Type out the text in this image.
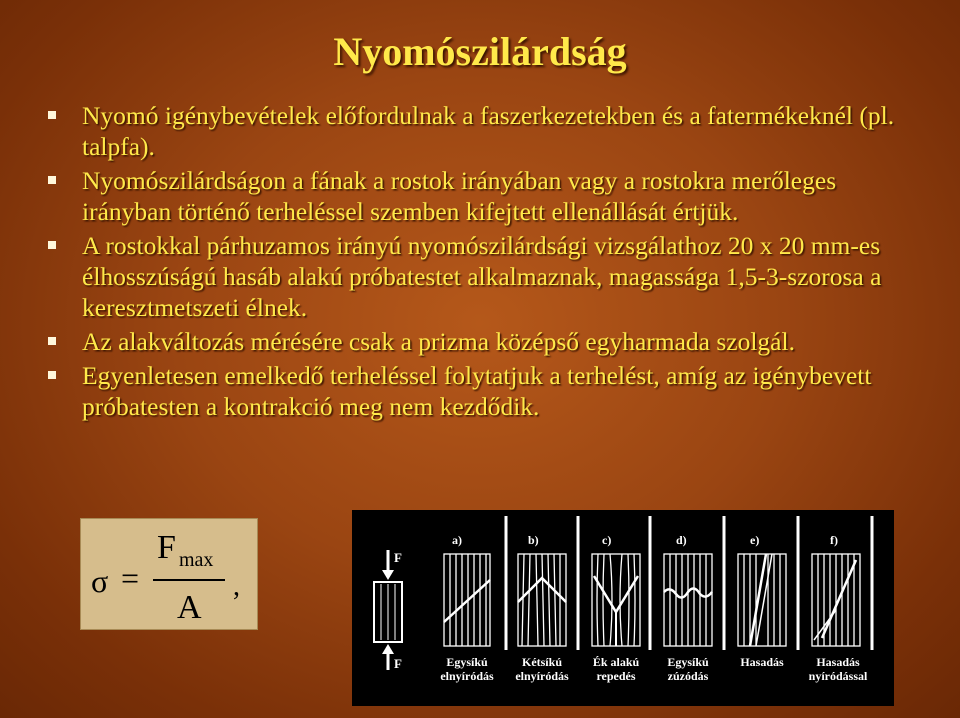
Nyomószilárdság
Nyomó igénybevételek előfordulnak a faszerkezetekben és a fatermékeknél (pl. talpfa).
Nyomószilárdságon a fának a rostok irányában vagy a rostokra merőleges irányban történő terheléssel szemben kifejtett ellenállását értjük.
A rostokkal párhuzamos irányú nyomószilárdsági vizsgálathoz 20 x 20 mm-es élhosszúságú hasáb alakú próbatestet alkalmaznak, magassága 1,5-3-szorosa a keresztmetszeti élnek.
Az alakváltozás mérésére csak a prizma középső egyharmada szolgál.
Egyenletesen emelkedő terheléssel folytatjuk a terhelést, amíg az igénybevett próbatesten a kontrakció meg nem kezdődik.
σ =
F max
A
,
F
F
a)	b)	c)	d)	e)	f)
Egysíkú
elnyíródás
Kétsíkú
elnyíródás
Ék alakú
repedés
Egysíkú
zúzódás
Hasadás	Hasadás
nyíródással
